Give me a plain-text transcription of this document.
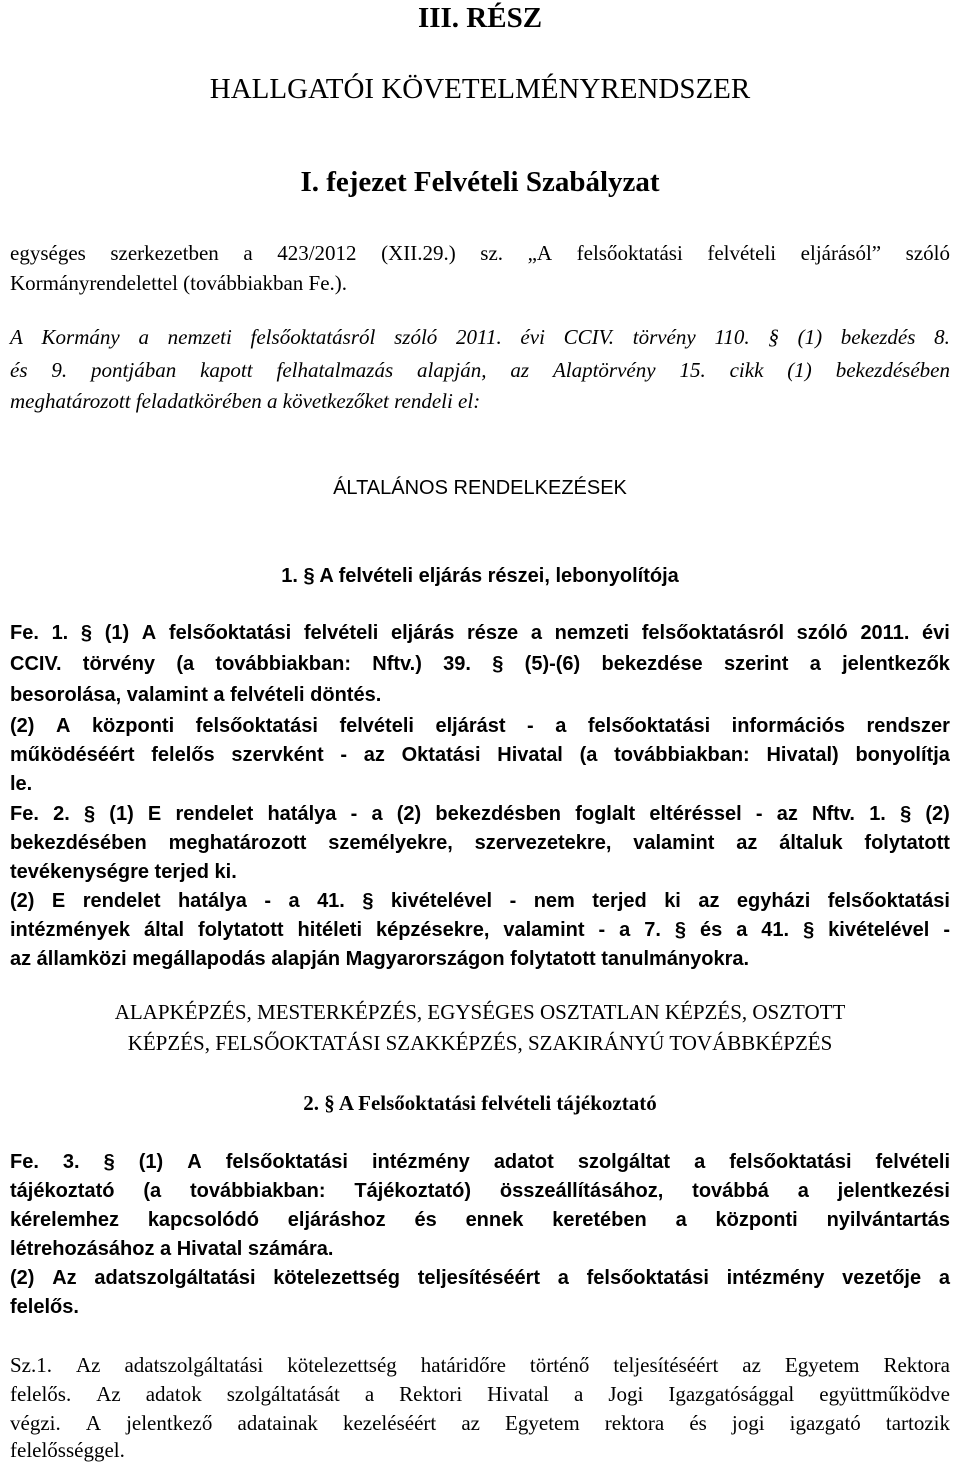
III. RÉSZ
HALLGATÓI KÖVETELMÉNYRENDSZER
I. fejezet Felvételi Szabályzat
egységes szerkezetben a 423/2012 (XII.29.) sz. „A felsőoktatási felvételi eljárásól” szóló
Kormányrendelettel (továbbiakban Fe.).
A Kormány a nemzeti felsőoktatásról szóló 2011. évi CCIV. törvény 110. § (1) bekezdés 8.
és 9. pontjában kapott felhatalmazás alapján, az Alaptörvény 15. cikk (1) bekezdésében
meghatározott feladatkörében a következőket rendeli el:
ÁLTALÁNOS RENDELKEZÉSEK
1. § A felvételi eljárás részei, lebonyolítója
Fe. 1. § (1) A felsőoktatási felvételi eljárás része a nemzeti felsőoktatásról szóló 2011. évi
CCIV. törvény (a továbbiakban: Nftv.) 39. § (5)-(6) bekezdése szerint a jelentkezők
besorolása, valamint a felvételi döntés.
(2) A központi felsőoktatási felvételi eljárást - a felsőoktatási információs rendszer
működéséért felelős szervként - az Oktatási Hivatal (a továbbiakban: Hivatal) bonyolítja
le.
Fe. 2. § (1) E rendelet hatálya - a (2) bekezdésben foglalt eltéréssel - az Nftv. 1. § (2)
bekezdésében meghatározott személyekre, szervezetekre, valamint az általuk folytatott
tevékenységre terjed ki.
(2) E rendelet hatálya - a 41. § kivételével - nem terjed ki az egyházi felsőoktatási
intézmények által folytatott hitéleti képzésekre, valamint - a 7. § és a 41. § kivételével -
az államközi megállapodás alapján Magyarországon folytatott tanulmányokra.
ALAPKÉPZÉS, MESTERKÉPZÉS, EGYSÉGES OSZTATLAN KÉPZÉS, OSZTOTT
KÉPZÉS, FELSŐOKTATÁSI SZAKKÉPZÉS, SZAKIRÁNYÚ TOVÁBBKÉPZÉS
2. § A Felsőoktatási felvételi tájékoztató
Fe. 3. § (1) A felsőoktatási intézmény adatot szolgáltat a felsőoktatási felvételi
tájékoztató (a továbbiakban: Tájékoztató) összeállításához, továbbá a jelentkezési
kérelemhez kapcsolódó eljáráshoz és ennek keretében a központi nyilvántartás
létrehozásához a Hivatal számára.
(2) Az adatszolgáltatási kötelezettség teljesítéséért a felsőoktatási intézmény vezetője a
felelős.
Sz.1. Az adatszolgáltatási kötelezettség határidőre történő teljesítéséért az Egyetem Rektora
felelős. Az adatok szolgáltatását a Rektori Hivatal a Jogi Igazgatósággal együttműködve
végzi. A jelentkező adatainak kezeléséért az Egyetem rektora és jogi igazgató tartozik
felelősséggel.
